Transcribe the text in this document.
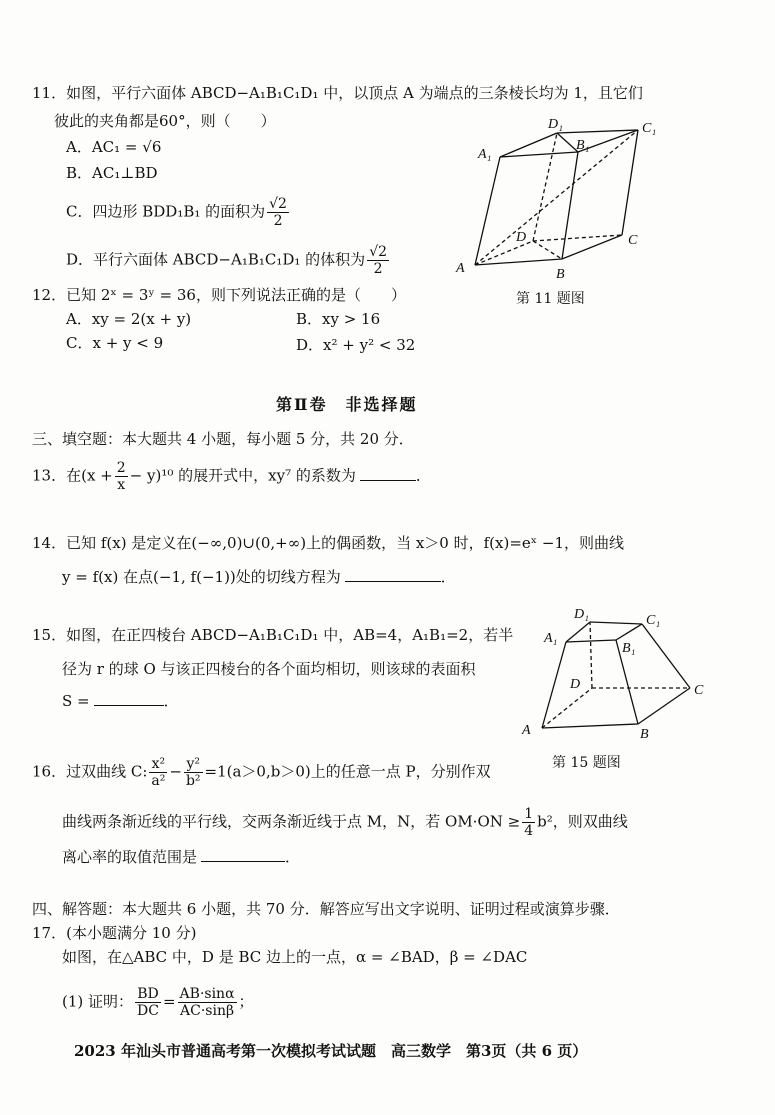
11．如图，平行六面体 ABCD−A₁B₁C₁D₁ 中，以顶点 A 为端点的三条棱长均为 1，且它们
彼此的夹角都是60°，则（　　）
A．AC₁ = √6
B．AC₁⊥BD
C．四边形 BDD₁B₁ 的面积为 $\frac{√2}{2}$
D．平行六面体 ABCD−A₁B₁C₁D₁ 的体积为 $\frac{√2}{2}$	A	B
C
D
A₁
B₁
C₁
D₁
第 11 题图
12．已知 2ˣ = 3ʸ = 36，则下列说法正确的是（　　）
A．xy = 2(x + y)	B．xy > 16
C．x + y < 9	D．x² + y² < 32
第Ⅱ卷　非选择题
三、填空题：本大题共 4 小题，每小题 5 分，共 20 分．
13．在$(x + \frac{2}{x} - y)^{10}$ 的展开式中，xy⁷ 的系数为	．
14．已知 f(x) 是定义在(−∞,0)∪(0,+∞)上的偶函数，当 x＞0 时，f(x)=eˣ −1，则曲线
y = f(x) 在点(−1, f(−1))处的切线方程为	．
15．如图，在正四棱台 ABCD−A₁B₁C₁D₁ 中，AB=4，A₁B₁=2，若半
径为 r 的球 O 与该正四棱台的各个面均相切，则该球的表面积
S =	．
A	B
C
D
A₁
B₁
C₁
D₁
第 15 题图
16．过双曲线 C: $\frac{\text{x²}}{\text{a²}} - \frac{\text{y²}}{\text{b²}} =1(a>0,b>0)$上的任意一点 P，分别作双
曲线两条渐近线的平行线，交两条渐近线于点 M，N，若 $OM\cdot ON \ge \frac{1}{4} b^2$，则双曲线
离心率的取值范围是	．
四、解答题：本大题共 6 小题，共 70 分．解答应写出文字说明、证明过程或演算步骤．
17．(本小题满分 10 分)
如图，在△ABC 中，D 是 BC 边上的一点，α = ∠BAD，β = ∠DAC
(1) 证明： $\frac{BD}{DC} = \frac{AB\cdot\sin\alpha}{AC\cdot\sin\beta}$ ；
2023 年汕头市普通高考第一次模拟考试试题　高三数学　第3页（共 6 页）
